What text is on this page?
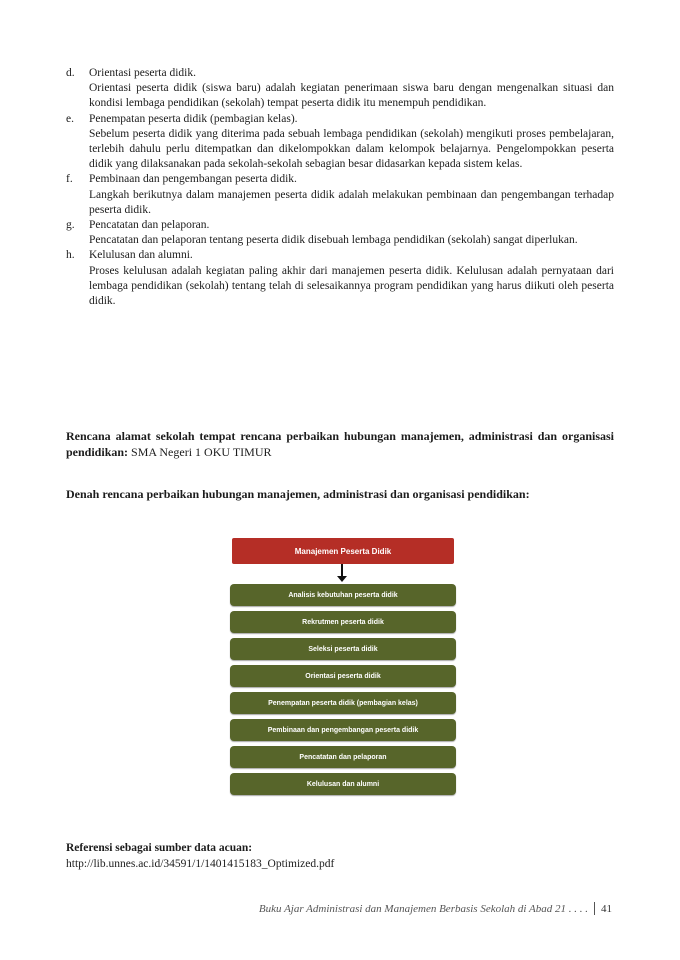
d. Orientasi peserta didik.
Orientasi peserta didik (siswa baru) adalah kegiatan penerimaan siswa baru dengan mengenalkan situasi dan kondisi lembaga pendidikan (sekolah) tempat peserta didik itu menempuh pendidikan.
e. Penempatan peserta didik (pembagian kelas).
Sebelum peserta didik yang diterima pada sebuah lembaga pendidikan (sekolah) mengikuti proses pembelajaran, terlebih dahulu perlu ditempatkan dan dikelompokkan dalam kelompok belajarnya. Pengelompokkan peserta didik yang dilaksanakan pada sekolah-sekolah sebagian besar didasarkan kepada sistem kelas.
f. Pembinaan dan pengembangan peserta didik.
Langkah berikutnya dalam manajemen peserta didik adalah melakukan pembinaan dan pengembangan terhadap peserta didik.
g. Pencatatan dan pelaporan.
Pencatatan dan pelaporan tentang peserta didik disebuah lembaga pendidikan (sekolah) sangat diperlukan.
h. Kelulusan dan alumni.
Proses kelulusan adalah kegiatan paling akhir dari manajemen peserta didik. Kelulusan adalah pernyataan dari lembaga pendidikan (sekolah) tentang telah di selesaikannya program pendidikan yang harus diikuti oleh peserta didik.
Rencana alamat sekolah tempat rencana perbaikan hubungan manajemen, administrasi dan organisasi pendidikan: SMA Negeri 1 OKU TIMUR
Denah rencana perbaikan hubungan manajemen, administrasi dan organisasi pendidikan:
Manajemen Peserta Didik
Analisis kebutuhan peserta didik
Rekrutmen peserta didik
Seleksi peserta didik
Orientasi peserta didik
Penempatan peserta didik (pembagian kelas)
Pembinaan dan pengembangan peserta didik
Pencatatan dan pelaporan
Kelulusan dan alumni
Referensi sebagai sumber data acuan:
http://lib.unnes.ac.id/34591/1/1401415183_Optimized.pdf
Buku Ajar Administrasi dan Manajemen Berbasis Sekolah di Abad 21 . . . . 41
